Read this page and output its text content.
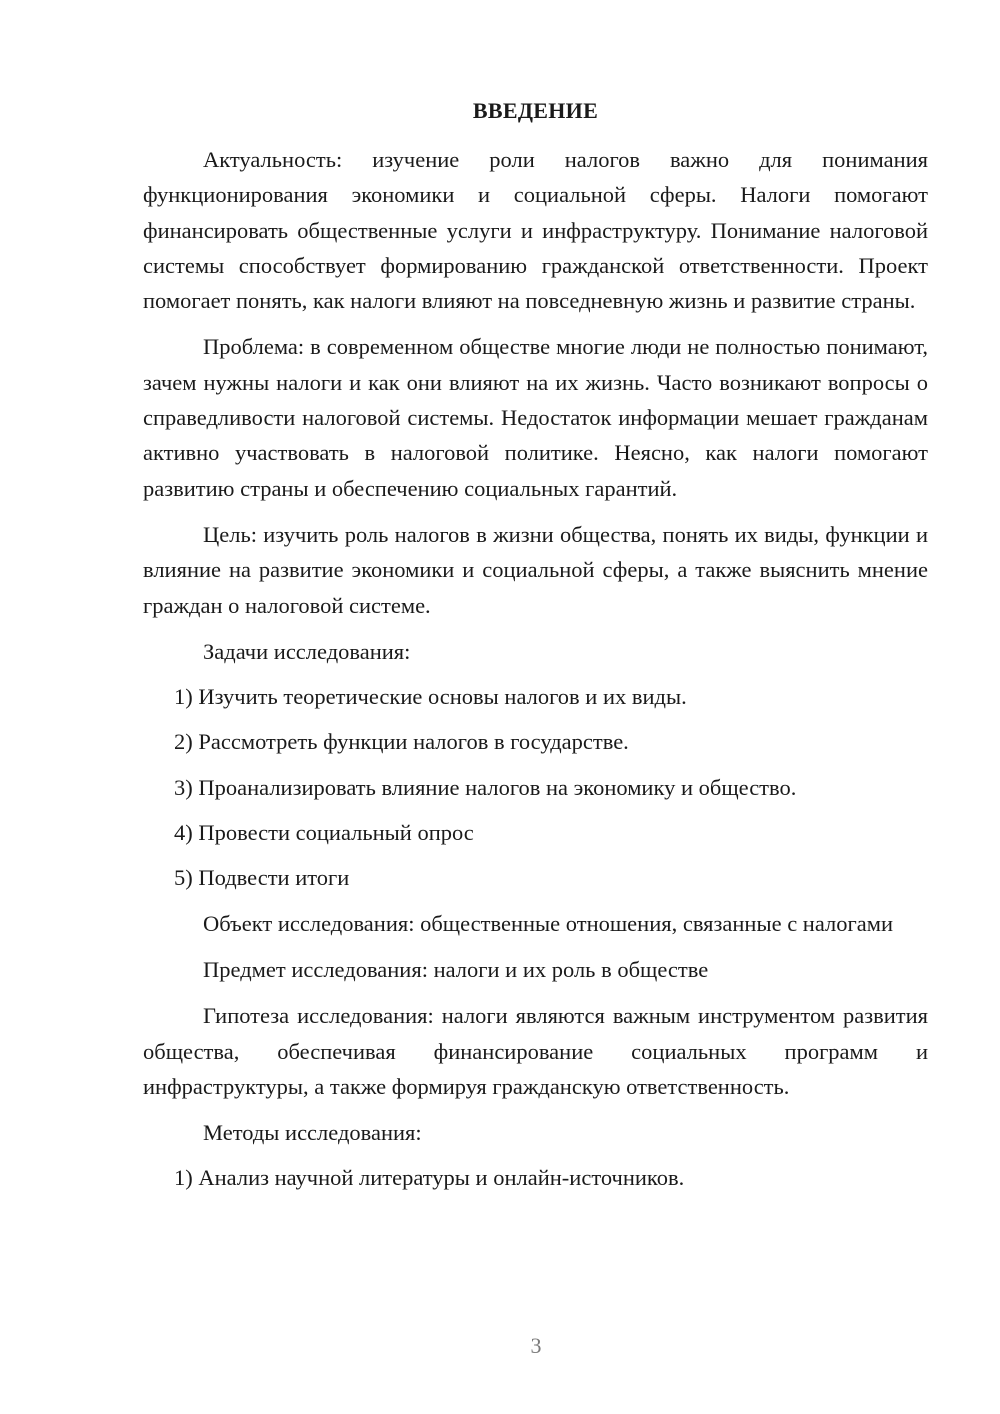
ВВЕДЕНИЕ

Актуальность: изучение роли налогов важно для понимания функционирования экономики и социальной сферы. Налоги помогают финансировать общественные услуги и инфраструктуру. Понимание налоговой системы способствует формированию гражданской ответственности. Проект помогает понять, как налоги влияют на повседневную жизнь и развитие страны.

Проблема: в современном обществе многие люди не полностью понимают, зачем нужны налоги и как они влияют на их жизнь. Часто возникают вопросы о справедливости налоговой системы. Недостаток информации мешает гражданам активно участвовать в налоговой политике. Неясно, как налоги помогают развитию страны и обеспечению социальных гарантий.

Цель: изучить роль налогов в жизни общества, понять их виды, функции и влияние на развитие экономики и социальной сферы, а также выяснить мнение граждан о налоговой системе.

Задачи исследования:
1) Изучить теоретические основы налогов и их виды.
2) Рассмотреть функции налогов в государстве.
3) Проанализировать влияние налогов на экономику и общество.
4) Провести социальный опрос
5) Подвести итоги

Объект исследования: общественные отношения, связанные с налогами

Предмет исследования: налоги и их роль в обществе

Гипотеза исследования: налоги являются важным инструментом развития общества, обеспечивая финансирование социальных программ и инфраструктуры, а также формируя гражданскую ответственность.

Методы исследования:
1) Анализ научной литературы и онлайн-источников.
3
